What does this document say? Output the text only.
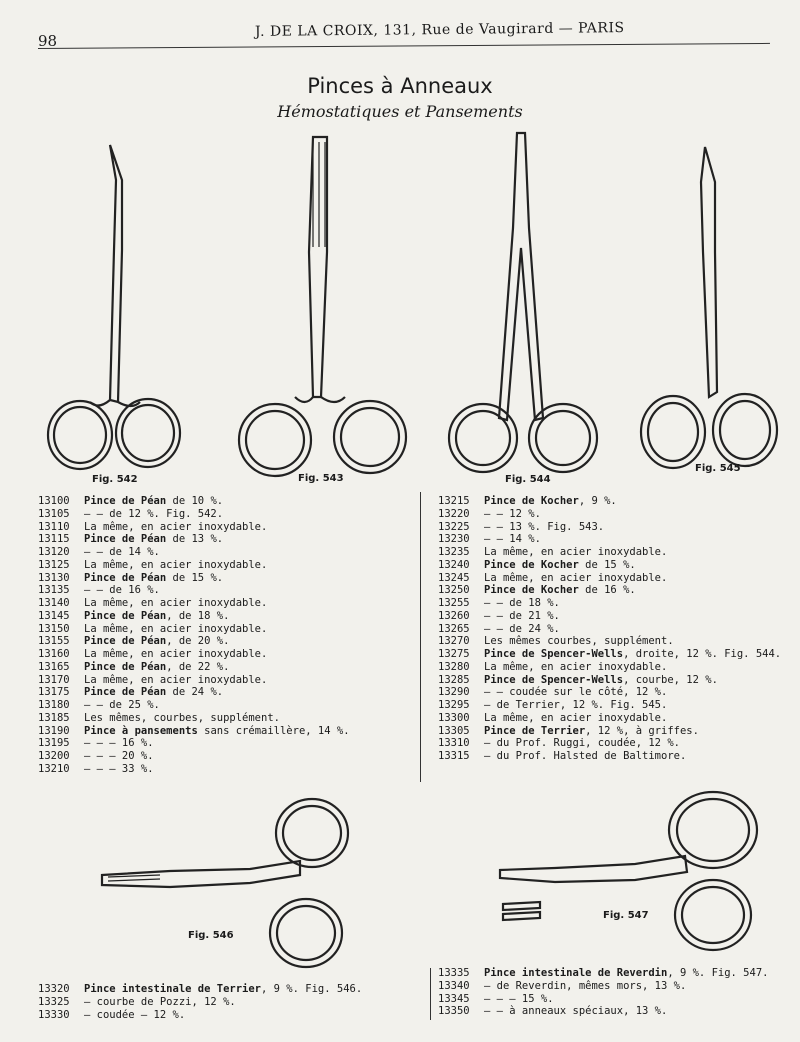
98
J. DE LA CROIX, 131, Rue de Vaugirard — PARIS
Pinces à Anneaux
Hémostatiques et Pansements
Fig. 542	Fig. 543	Fig. 544
Fig. 545
13100	Pince de Péan de 10 %.
13105	— — de 12 %. Fig. 542.
13110	La même, en acier inoxydable.
13115	Pince de Péan de 13 %.
13120	— — de 14 %.
13125	La même, en acier inoxydable.
13130	Pince de Péan de 15 %.
13135	— — de 16 %.
13140	La même, en acier inoxydable.
13145	Pince de Péan, de 18 %.
13150	La même, en acier inoxydable.
13155	Pince de Péan, de 20 %.
13160	La même, en acier inoxydable.
13165	Pince de Péan, de 22 %.
13170	La même, en acier inoxydable.
13175	Pince de Péan de 24 %.
13180	— — de 25 %.
13185	Les mêmes, courbes, supplément.
13190	Pince à pansements sans crémaillère, 14 %.
13195	— — — 16 %.
13200	— — — 20 %.
13210	— — — 33 %.
13215	Pince de Kocher, 9 %.
13220	— — 12 %.
13225	— — 13 %. Fig. 543.
13230	— — 14 %.
13235	La même, en acier inoxydable.
13240	Pince de Kocher de 15 %.
13245	La même, en acier inoxydable.
13250	Pince de Kocher de 16 %.
13255	— — de 18 %.
13260	— — de 21 %.
13265	— — de 24 %.
13270	Les mêmes courbes, supplément.
13275	Pince de Spencer-Wells, droite, 12 %. Fig. 544.
13280	La même, en acier inoxydable.
13285	Pince de Spencer-Wells, courbe, 12 %.
13290	— — coudée sur le côté, 12 %.
13295	— de Terrier, 12 %. Fig. 545.
13300	La même, en acier inoxydable.
13305	Pince de Terrier, 12 %, à griffes.
13310	— du Prof. Ruggi, coudée, 12 %.
13315	— du Prof. Halsted de Baltimore.
Fig. 546
Fig. 547
13320	Pince intestinale de Terrier, 9 %. Fig. 546.
13325	— courbe de Pozzi, 12 %.
13330	— coudée — 12 %.
13335	Pince intestinale de Reverdin, 9 %. Fig. 547.
13340	— de Reverdin, mêmes mors, 13 %.
13345	— — — 15 %.
13350	— — à anneaux spéciaux, 13 %.
